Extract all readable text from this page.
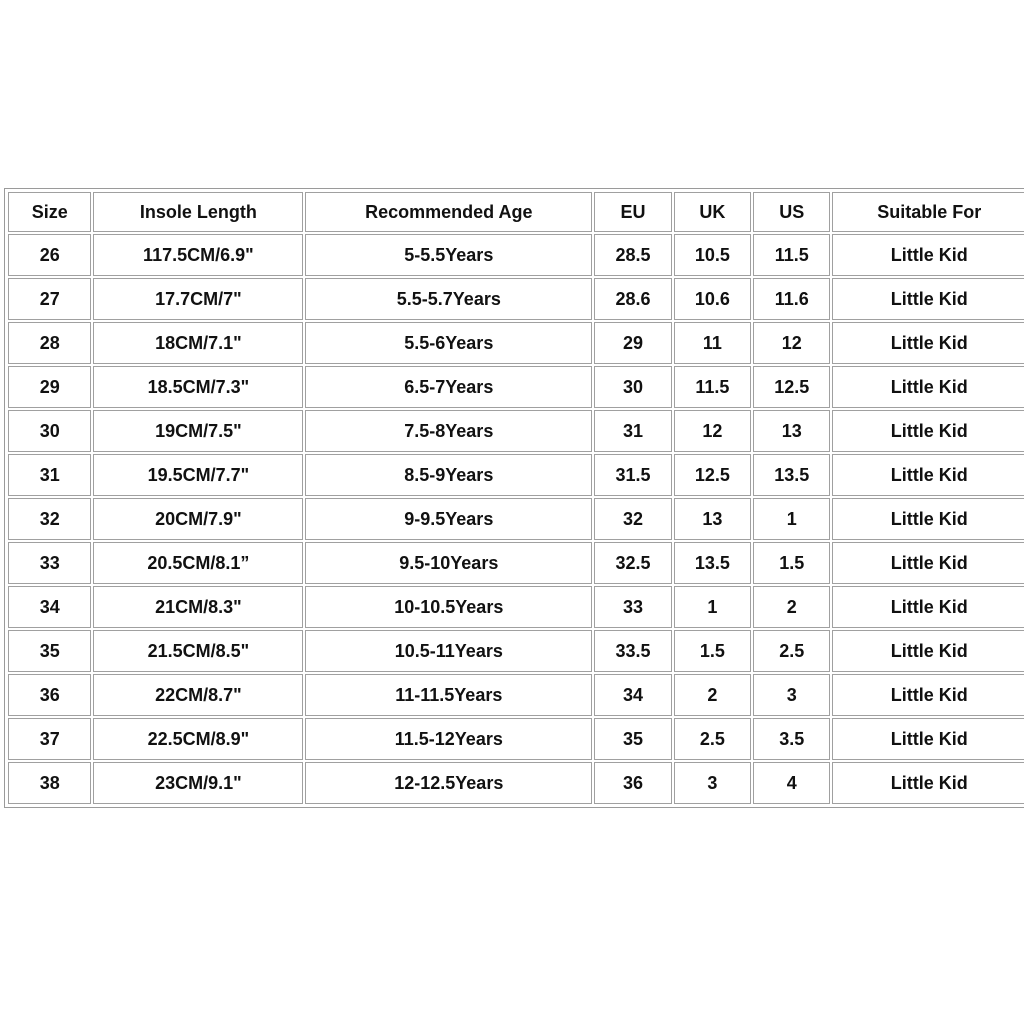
Size	Insole Length	Recommended Age	EU	UK	US	Suitable For
26	117.5CM/6.9"	5-5.5Years	28.5	10.5	11.5	Little Kid
27	17.7CM/7"	5.5-5.7Years	28.6	10.6	11.6	Little Kid
28	18CM/7.1"	5.5-6Years	29	11	12	Little Kid
29	18.5CM/7.3"	6.5-7Years	30	11.5	12.5	Little Kid
30	19CM/7.5"	7.5-8Years	31	12	13	Little Kid
31	19.5CM/7.7"	8.5-9Years	31.5	12.5	13.5	Little Kid
32	20CM/7.9"	9-9.5Years	32	13	1	Little Kid
33	20.5CM/8.1”	9.5-10Years	32.5	13.5	1.5	Little Kid
34	21CM/8.3"	10-10.5Years	33	1	2	Little Kid
35	21.5CM/8.5"	10.5-11Years	33.5	1.5	2.5	Little Kid
36	22CM/8.7"	11-11.5Years	34	2	3	Little Kid
37	22.5CM/8.9"	11.5-12Years	35	2.5	3.5	Little Kid
38	23CM/9.1"	12-12.5Years	36	3	4	Little Kid
